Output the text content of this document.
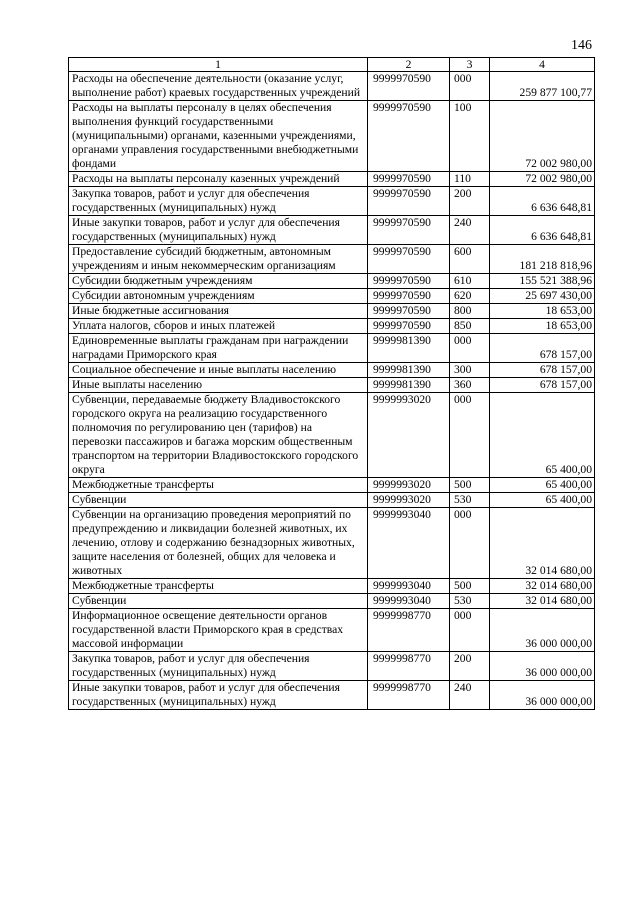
146
1	2	3	4
Расходы на обеспечение деятельности (оказание услуг, выполнение работ) краевых государственных учреждений	9999970590	000	259 877 100,77
Расходы на выплаты персоналу в целях обеспечения выполнения функций государственными (муниципальными) органами, казенными учреждениями, органами управления государственными внебюджетными фондами	9999970590	100	72 002 980,00
Расходы на выплаты персоналу казенных учреждений	9999970590	110	72 002 980,00
Закупка товаров, работ и услуг для обеспечения государственных (муниципальных) нужд	9999970590	200	6 636 648,81
Иные закупки товаров, работ и услуг для обеспечения государственных (муниципальных) нужд	9999970590	240	6 636 648,81
Предоставление субсидий бюджетным, автономным учреждениям и иным некоммерческим организациям	9999970590	600	181 218 818,96
Субсидии бюджетным учреждениям	9999970590	610	155 521 388,96
Субсидии автономным учреждениям	9999970590	620	25 697 430,00
Иные бюджетные ассигнования	9999970590	800	18 653,00
Уплата налогов, сборов и иных платежей	9999970590	850	18 653,00
Единовременные выплаты гражданам при награждении наградами Приморского края	9999981390	000	678 157,00
Социальное обеспечение и иные выплаты населению	9999981390	300	678 157,00
Иные выплаты населению	9999981390	360	678 157,00
Субвенции, передаваемые бюджету Владивостокского городского округа на реализацию государственного полномочия по регулированию цен (тарифов) на перевозки пассажиров и багажа морским общественным транспортом на территории Владивостокского городского округа	9999993020	000	65 400,00
Межбюджетные трансферты	9999993020	500	65 400,00
Субвенции	9999993020	530	65 400,00
Субвенции на организацию проведения мероприятий по предупреждению и ликвидации болезней животных, их лечению, отлову и содержанию безнадзорных животных, защите населения от болезней, общих для человека и животных	9999993040	000	32 014 680,00
Межбюджетные трансферты	9999993040	500	32 014 680,00
Субвенции	9999993040	530	32 014 680,00
Информационное освещение деятельности органов государственной власти Приморского края в средствах массовой информации	9999998770	000	36 000 000,00
Закупка товаров, работ и услуг для обеспечения государственных (муниципальных) нужд	9999998770	200	36 000 000,00
Иные закупки товаров, работ и услуг для обеспечения государственных (муниципальных) нужд	9999998770	240	36 000 000,00
